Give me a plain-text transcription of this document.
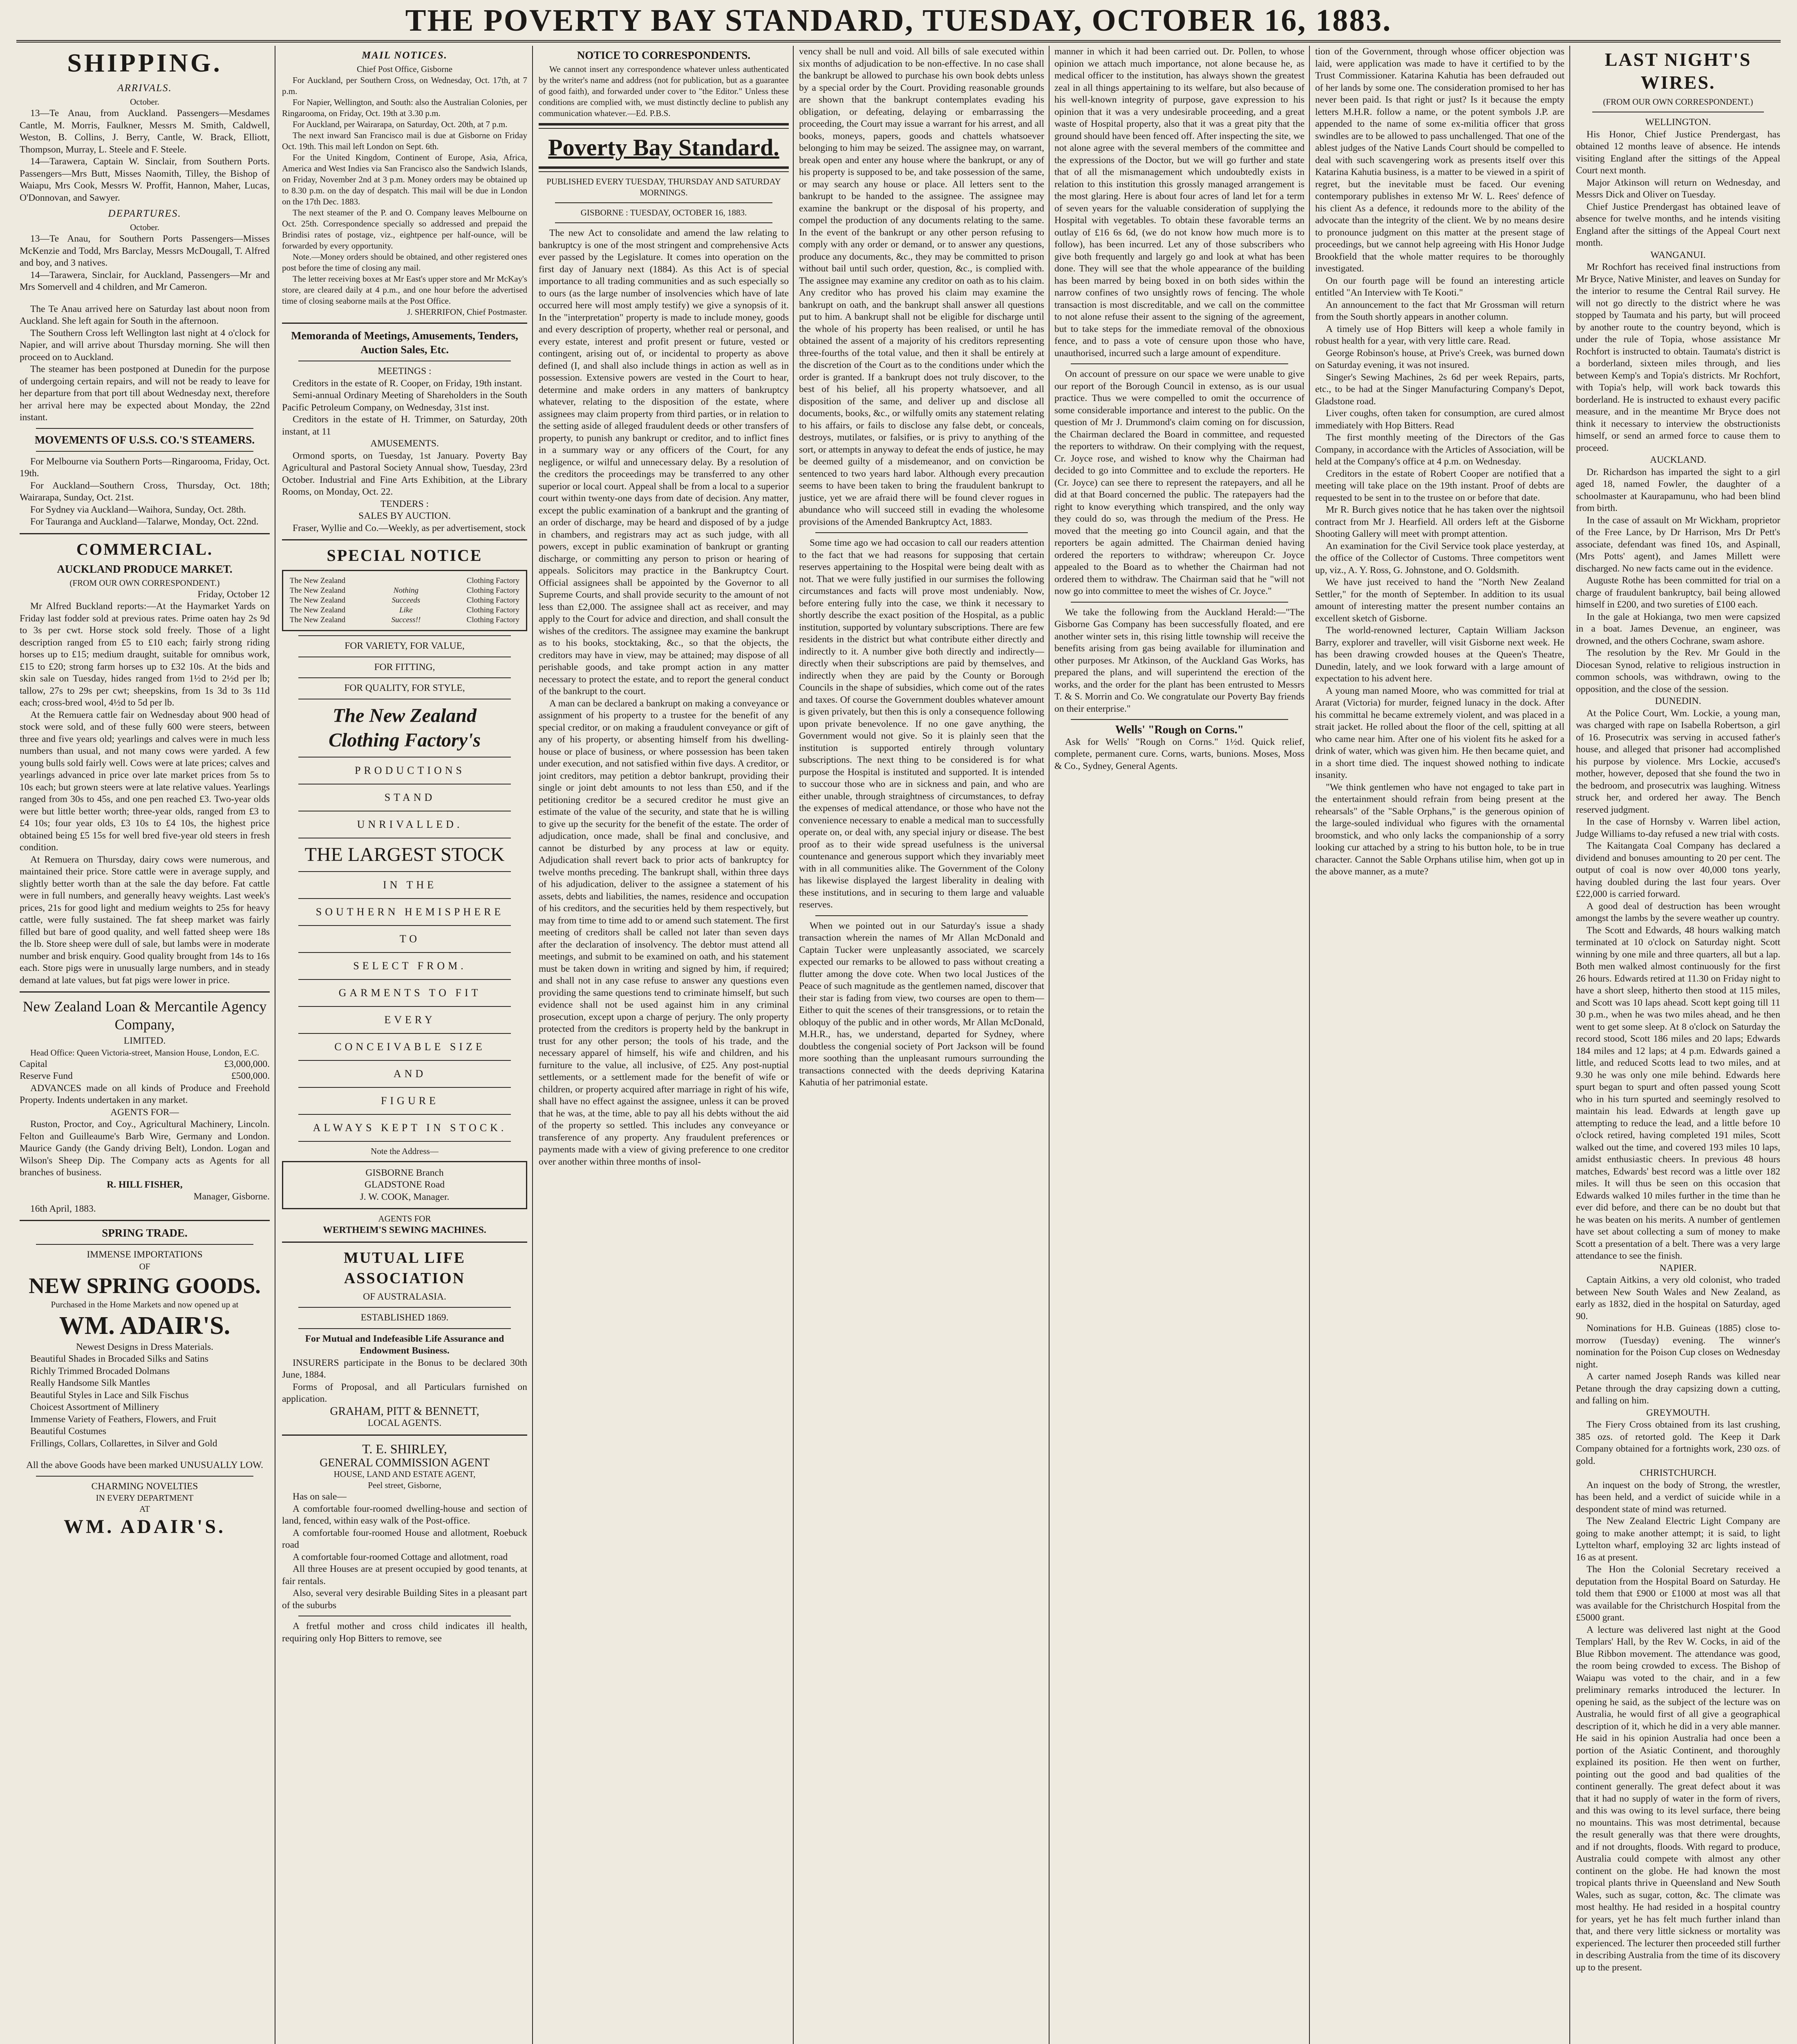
THE POVERTY BAY STANDARD, TUESDAY, OCTOBER 16, 1883.
SHIPPING.
ARRIVALS.

October.

13—Te Anau, from Auckland. Passengers—Mesdames Cantle, M. Morris, Faulkner, Messrs M. Smith, Caldwell, Weston, B. Collins, J. Berry, Cantle, W. Brack, Elliott, Thompson, Murray, L. Steele and F. Steele.

14—Tarawera, Captain W. Sinclair, from Southern Ports. Passengers—Mrs Butt, Misses Naomith, Tilley, the Bishop of Waiapu, Mrs Cook, Messrs W. Proffit, Hannon, Maher, Lucas, O'Donnovan, and Sawyer.

DEPARTURES.

October.

13—Te Anau, for Southern Ports Passengers—Misses McKenzie and Todd, Mrs Barclay, Messrs McDougall, T. Alfred and boy, and 3 natives.

14—Tarawera, Sinclair, for Auckland, Passengers—Mr and Mrs Somervell and 4 children, and Mr Cameron.

The Te Anau arrived here on Saturday last about noon from Auckland. She left again for South in the afternoon.

The Southern Cross left Wellington last night at 4 o'clock for Napier, and will arrive about Thursday morning. She will then proceed on to Auckland.

The steamer has been postponed at Dunedin for the purpose of undergoing certain repairs, and will not be ready to leave for her departure from that port till about Wednesday next, therefore her arrival here may be expected about Monday, the 22nd instant.

MOVEMENTS OF U.S.S. CO.'S STEAMERS.

For Melbourne via Southern Ports—Ringarooma, Friday, Oct. 19th.

For Auckland—Southern Cross, Thursday, Oct. 18th; Wairarapa, Sunday, Oct. 21st.

For Sydney via Auckland—Waihora, Sunday, Oct. 28th.

For Tauranga and Auckland—Talarwe, Monday, Oct. 22nd.

COMMERCIAL.
AUCKLAND PRODUCE MARKET.

(FROM OUR OWN CORRESPONDENT.)

Friday, October 12

Mr Alfred Buckland reports:—At the Haymarket Yards on Friday last fodder sold at previous rates. Prime oaten hay 2s 9d to 3s per cwt. Horse stock sold freely. Those of a light description ranged from £5 to £10 each; fairly strong riding horses up to £15; medium draught, suitable for omnibus work, £15 to £20; strong farm horses up to £32 10s. At the bids and skin sale on Tuesday, hides ranged from 1½d to 2½d per lb; tallow, 27s to 29s per cwt; sheepskins, from 1s 3d to 3s 11d each; cross-bred wool, 4½d to 5d per lb.

At the Remuera cattle fair on Wednesday about 900 head of stock were sold, and of these fully 600 were steers, between three and five years old; yearlings and calves were in much less numbers than usual, and not many cows were yarded. A few young bulls sold fairly well. Cows were at late prices; calves and yearlings advanced in price over late market prices from 5s to 10s each; but grown steers were at late relative values. Yearlings ranged from 30s to 45s, and one pen reached £3. Two-year olds were but little better worth; three-year olds, ranged from £3 to £4 10s; four year olds, £3 10s to £4 10s, the highest price obtained being £5 15s for well bred five-year old steers in fresh condition.

At Remuera on Thursday, dairy cows were numerous, and maintained their price. Store cattle were in average supply, and slightly better worth than at the sale the day before. Fat cattle were in full numbers, and generally heavy weights. Last week's prices, 21s for good light and medium weights to 25s for heavy cattle, were fully sustained. The fat sheep market was fairly filled but bare of good quality, and well fatted sheep were 18s the lb. Store sheep were dull of sale, but lambs were in moderate number and brisk enquiry. Good quality brought from 14s to 16s each. Store pigs were in unusually large numbers, and in steady demand at late values, but fat pigs were lower in price.

New Zealand Loan & Mercantile Agency Company,

LIMITED.

Head Office: Queen Victoria-street, Mansion House, London, E.C.

Capital	£3,000,000.
Reserve Fund	£500,000.

ADVANCES made on all kinds of Produce and Freehold Property. Indents undertaken in any market.

AGENTS FOR—

Ruston, Proctor, and Coy., Agricultural Machinery, Lincoln. Felton and Guilleaume's Barb Wire, Germany and London. Maurice Gandy (the Gandy driving Belt), London. Logan and Wilson's Sheep Dip. The Company acts as Agents for all branches of business.

R. HILL FISHER,

Manager, Gisborne.

16th April, 1883.

SPRING TRADE.

IMMENSE IMPORTATIONS

OF

NEW SPRING GOODS.

Purchased in the Home Markets and now opened up at

WM. ADAIR'S.

Newest Designs in Dress Materials.

Beautiful Shades in Brocaded Silks and Satins

Richly Trimmed Brocaded Dolmans

Really Handsome Silk Mantles

Beautiful Styles in Lace and Silk Fischus

Choicest Assortment of Millinery

Immense Variety of Feathers, Flowers, and Fruit

Beautiful Costumes

Frillings, Collars, Collarettes, in Silver and Gold

All the above Goods have been marked UNUSUALLY LOW.

CHARMING NOVELTIES

IN EVERY DEPARTMENT

AT

WM. ADAIR'S.
MAIL NOTICES.

Chief Post Office, Gisborne

For Auckland, per Southern Cross, on Wednesday, Oct. 17th, at 7 p.m.

For Napier, Wellington, and South: also the Australian Colonies, per Ringarooma, on Friday, Oct. 19th at 3.30 p.m.

For Auckland, per Wairarapa, on Saturday, Oct. 20th, at 7 p.m.

The next inward San Francisco mail is due at Gisborne on Friday Oct. 19th. This mail left London on Sept. 6th.

For the United Kingdom, Continent of Europe, Asia, Africa, America and West Indies via San Francisco also the Sandwich Islands, on Friday, November 2nd at 3 p.m. Money orders may be obtained up to 8.30 p.m. on the day of despatch. This mail will be due in London on the 17th Dec. 1883.

The next steamer of the P. and O. Company leaves Melbourne on Oct. 25th. Correspondence specially so addressed and prepaid the Brindisi rates of postage, viz., eightpence per half-ounce, will be forwarded by every opportunity.

Note.—Money orders should be obtained, and other registered ones post before the time of closing any mail.

The letter receiving boxes at Mr East's upper store and Mr McKay's store, are cleared daily at 4 p.m., and one hour before the advertised time of closing seaborne mails at the Post Office.

J. SHERRIFON, Chief Postmaster.

Memoranda of Meetings, Amusements, Tenders, Auction Sales, Etc.

MEETINGS :

Creditors in the estate of R. Cooper, on Friday, 19th instant.

Semi-annual Ordinary Meeting of Shareholders in the South Pacific Petroleum Company, on Wednesday, 31st inst.

Creditors in the estate of H. Trimmer, on Saturday, 20th instant, at 11

AMUSEMENTS.

Ormond sports, on Tuesday, 1st January. Poverty Bay Agricultural and Pastoral Society Annual show, Tuesday, 23rd October. Industrial and Fine Arts Exhibition, at the Library Rooms, on Monday, Oct. 22.

TENDERS :

SALES BY AUCTION.

Fraser, Wyllie and Co.—Weekly, as per advertisement, stock

SPECIAL NOTICE
The New Zealand	Clothing Factory
The New Zealand	Nothing	Clothing Factory
The New Zealand	Succeeds	Clothing Factory
The New Zealand	Like	Clothing Factory
The New Zealand	Success!!	Clothing Factory

FOR VARIETY, FOR VALUE,

FOR FITTING,

FOR QUALITY, FOR STYLE,

The New Zealand
Clothing Factory's

PRODUCTIONS

STAND

UNRIVALLED.

THE LARGEST STOCK

IN THE

SOUTHERN HEMISPHERE

TO

SELECT FROM.

GARMENTS TO FIT

EVERY

CONCEIVABLE SIZE

AND

FIGURE

ALWAYS KEPT IN STOCK.

Note the Address—

GISBORNE Branch

GLADSTONE Road

J. W. COOK, Manager.

AGENTS FOR

WERTHEIM'S SEWING MACHINES.

MUTUAL LIFE ASSOCIATION

OF AUSTRALASIA.

ESTABLISHED 1869.

For Mutual and Indefeasible Life Assurance and Endowment Business.

INSURERS participate in the Bonus to be declared 30th June, 1884.

Forms of Proposal, and all Particulars furnished on application.

GRAHAM, PITT & BENNETT,

LOCAL AGENTS.

T. E. SHIRLEY,

GENERAL COMMISSION AGENT

HOUSE, LAND AND ESTATE AGENT,

Peel street, Gisborne,

Has on sale—

A comfortable four-roomed dwelling-house and section of land, fenced, within easy walk of the Post-office.

A comfortable four-roomed House and allotment, Roebuck road

A comfortable four-roomed Cottage and allotment, road

All three Houses are at present occupied by good tenants, at fair rentals.

Also, several very desirable Building Sites in a pleasant part of the suburbs

A fretful mother and cross child indicates ill health, requiring only Hop Bitters to remove, see

NOTICE TO CORRESPONDENTS.

We cannot insert any correspondence whatever unless authenticated by the writer's name and address (not for publication, but as a guarantee of good faith), and forwarded under cover to "the Editor." Unless these conditions are complied with, we must distinctly decline to publish any communication whatever.—Ed. P.B.S.

Poverty Bay Standard.

PUBLISHED EVERY TUESDAY, THURSDAY AND SATURDAY MORNINGS.

GISBORNE : TUESDAY, OCTOBER 16, 1883.

The new Act to consolidate and amend the law relating to bankruptcy is one of the most stringent and comprehensive Acts ever passed by the Legislature. It comes into operation on the first day of January next (1884). As this Act is of special importance to all trading communities and as such especially so to ours (as the large number of insolvencies which have of late occurred here will most amply testify) we give a synopsis of it. In the "interpretation" property is made to include money, goods and every description of property, whether real or personal, and every estate, interest and profit present or future, vested or contingent, arising out of, or incidental to property as above defined (I, and shall also include things in action as well as in possession. Extensive powers are vested in the Court to hear, determine and make orders in any matters of bankruptcy whatever, relating to the disposition of the estate, where assignees may claim property from third parties, or in relation to the setting aside of alleged fraudulent deeds or other transfers of property, to punish any bankrupt or creditor, and to inflict fines in a summary way or any officers of the Court, for any negligence, or wilful and unnecessary delay. By a resolution of the creditors the proceedings may be transferred to any other superior or local court. Appeal shall be from a local to a superior court within twenty-one days from date of decision. Any matter, except the public examination of a bankrupt and the granting of an order of discharge, may be heard and disposed of by a judge in chambers, and registrars may act as such judge, with all powers, except in public examination of bankrupt or granting discharge, or committing any person to prison or hearing of appeals. Solicitors may practice in the Bankruptcy Court. Official assignees shall be appointed by the Governor to all Supreme Courts, and shall provide security to the amount of not less than £2,000. The assignee shall act as receiver, and may apply to the Court for advice and direction, and shall consult the wishes of the creditors. The assignee may examine the bankrupt as to his books, stocktaking, &c., so that the objects, the creditors may have in view, may be attained; may dispose of all perishable goods, and take prompt action in any matter necessary to protect the estate, and to report the general conduct of the bankrupt to the court.

A man can be declared a bankrupt on making a conveyance or assignment of his property to a trustee for the benefit of any special creditor, or on making a fraudulent conveyance or gift of any of his property, or absenting himself from his dwelling-house or place of business, or where possession has been taken under execution, and not satisfied within five days. A creditor, or joint creditors, may petition a debtor bankrupt, providing their single or joint debt amounts to not less than £50, and if the petitioning creditor be a secured creditor he must give an estimate of the value of the security, and state that he is willing to give up the security for the benefit of the estate. The order of adjudication, once made, shall be final and conclusive, and cannot be disturbed by any process at law or equity. Adjudication shall revert back to prior acts of bankruptcy for twelve months preceding. The bankrupt shall, within three days of his adjudication, deliver to the assignee a statement of his assets, debts and liabilities, the names, residence and occupation of his creditors, and the securities held by them respectively, but may from time to time add to or amend such statement. The first meeting of creditors shall be called not later than seven days after the declaration of insolvency. The debtor must attend all meetings, and submit to be examined on oath, and his statement must be taken down in writing and signed by him, if required; and shall not in any case refuse to answer any questions even providing the same questions tend to criminate himself, but such evidence shall not be used against him in any criminal prosecution, except upon a charge of perjury. The only property protected from the creditors is property held by the bankrupt in trust for any other person; the tools of his trade, and the necessary apparel of himself, his wife and children, and his furniture to the value, all inclusive, of £25. Any post-nuptial settlements, or a settlement made for the benefit of wife or children, or property acquired after marriage in right of his wife, shall have no effect against the assignee, unless it can be proved that he was, at the time, able to pay all his debts without the aid of the property so settled. This includes any conveyance or transference of any property. Any fraudulent preferences or payments made with a view of giving preference to one creditor over another within three months of insol-

vency shall be null and void. All bills of sale executed within six months of adjudication to be non-effective. In no case shall the bankrupt be allowed to purchase his own book debts unless by a special order by the Court. Providing reasonable grounds are shown that the bankrupt contemplates evading his obligation, or defeating, delaying or embarrassing the proceeding, the Court may issue a warrant for his arrest, and all books, moneys, papers, goods and chattels whatsoever belonging to him may be seized. The assignee may, on warrant, break open and enter any house where the bankrupt, or any of his property is supposed to be, and take possession of the same, or may search any house or place. All letters sent to the bankrupt to be handed to the assignee. The assignee may examine the bankrupt or the disposal of his property, and compel the production of any documents relating to the same. In the event of the bankrupt or any other person refusing to comply with any order or demand, or to answer any questions, produce any documents, &c., they may be committed to prison without bail until such order, question, &c., is complied with. The assignee may examine any creditor on oath as to his claim. Any creditor who has proved his claim may examine the bankrupt on oath, and the bankrupt shall answer all questions put to him. A bankrupt shall not be eligible for discharge until the whole of his property has been realised, or until he has obtained the assent of a majority of his creditors representing three-fourths of the total value, and then it shall be entirely at the discretion of the Court as to the conditions under which the order is granted. If a bankrupt does not truly discover, to the best of his belief, all his property whatsoever, and all disposition of the same, and deliver up and disclose all documents, books, &c., or wilfully omits any statement relating to his affairs, or fails to disclose any false debt, or conceals, destroys, mutilates, or falsifies, or is privy to anything of the sort, or attempts in anyway to defeat the ends of justice, he may be deemed guilty of a misdemeanor, and on conviction be sentenced to two years hard labor. Although every precaution seems to have been taken to bring the fraudulent bankrupt to justice, yet we are afraid there will be found clever rogues in abundance who will succeed still in evading the wholesome provisions of the Amended Bankruptcy Act, 1883.

Some time ago we had occasion to call our readers attention to the fact that we had reasons for supposing that certain reserves appertaining to the Hospital were being dealt with as not. That we were fully justified in our surmises the following circumstances and facts will prove most undeniably. Now, before entering fully into the case, we think it necessary to shortly describe the exact position of the Hospital, as a public institution, supported by voluntary subscriptions. There are few residents in the district but what contribute either directly and indirectly to it. A number give both directly and indirectly—directly when their subscriptions are paid by themselves, and indirectly when they are paid by the County or Borough Councils in the shape of subsidies, which come out of the rates and taxes. Of course the Government doubles whatever amount is given privately, but then this is only a consequence following upon private benevolence. If no one gave anything, the Government would not give. So it is plainly seen that the institution is supported entirely through voluntary subscriptions. The next thing to be considered is for what purpose the Hospital is instituted and supported. It is intended to succour those who are in sickness and pain, and who are either unable, through straightness of circumstances, to defray the expenses of medical attendance, or those who have not the convenience necessary to enable a medical man to successfully operate on, or deal with, any special injury or disease. The best proof as to their wide spread usefulness is the universal countenance and generous support which they invariably meet with in all communities alike. The Government of the Colony has likewise displayed the largest liberality in dealing with these institutions, and in securing to them large and valuable reserves.

When we pointed out in our Saturday's issue a shady transaction wherein the names of Mr Allan McDonald and Captain Tucker were unpleasantly associated, we scarcely expected our remarks to be allowed to pass without creating a flutter among the dove cote. When two local Justices of the Peace of such magnitude as the gentlemen named, discover that their star is fading from view, two courses are open to them—Either to quit the scenes of their transgressions, or to retain the obloquy of the public and in other words, Mr Allan McDonald, M.H.R., has, we understand, departed for Sydney, where doubtless the congenial society of Port Jackson will be found more soothing than the unpleasant rumours surrounding the transactions connected with the deeds depriving Katarina Kahutia of her patrimonial estate.

manner in which it had been carried out. Dr. Pollen, to whose opinion we attach much importance, not alone because he, as medical officer to the institution, has always shown the greatest zeal in all things appertaining to its welfare, but also because of his well-known integrity of purpose, gave expression to his opinion that it was a very undesirable proceeding, and a great waste of Hospital property, also that it was a great pity that the ground should have been fenced off. After inspecting the site, we not alone agree with the several members of the committee and the expressions of the Doctor, but we will go further and state that of all the mismanagement which undoubtedly exists in relation to this institution this grossly managed arrangement is the most glaring. Here is about four acres of land let for a term of seven years for the valuable consideration of supplying the Hospital with vegetables. To obtain these favorable terms an outlay of £16 6s 6d, (we do not know how much more is to follow), has been incurred. Let any of those subscribers who give both frequently and largely go and look at what has been done. They will see that the whole appearance of the building has been marred by being boxed in on both sides within the narrow confines of two unsightly rows of fencing. The whole transaction is most discreditable, and we call on the committee to not alone refuse their assent to the signing of the agreement, but to take steps for the immediate removal of the obnoxious fence, and to pass a vote of censure upon those who have, unauthorised, incurred such a large amount of expenditure.

On account of pressure on our space we were unable to give our report of the Borough Council in extenso, as is our usual practice. Thus we were compelled to omit the occurrence of some considerable importance and interest to the public. On the question of Mr J. Drummond's claim coming on for discussion, the Chairman declared the Board in committee, and requested the reporters to withdraw. On their complying with the request, Cr. Joyce rose, and wished to know why the Chairman had decided to go into Committee and to exclude the reporters. He (Cr. Joyce) can see there to represent the ratepayers, and all he did at that Board concerned the public. The ratepayers had the right to know everything which transpired, and the only way they could do so, was through the medium of the Press. He moved that the meeting go into Council again, and that the reporters be again admitted. The Chairman denied having ordered the reporters to withdraw; whereupon Cr. Joyce appealed to the Board as to whether the Chairman had not ordered them to withdraw. The Chairman said that he "will not now go into committee to meet the wishes of Cr. Joyce."

We take the following from the Auckland Herald:—"The Gisborne Gas Company has been successfully floated, and ere another winter sets in, this rising little township will receive the benefits arising from gas being available for illumination and other purposes. Mr Atkinson, of the Auckland Gas Works, has prepared the plans, and will superintend the erection of the works, and the order for the plant has been entrusted to Messrs T. & S. Morrin and Co. We congratulate our Poverty Bay friends on their enterprise."

Wells' "Rough on Corns."

Ask for Wells' "Rough on Corns." 1½d. Quick relief, complete, permanent cure. Corns, warts, bunions. Moses, Moss & Co., Sydney, General Agents.

tion of the Government, through whose officer objection was laid, were application was made to have it certified to by the Trust Commissioner. Katarina Kahutia has been defrauded out of her lands by some one. The consideration promised to her has never been paid. Is that right or just? Is it because the empty letters M.H.R. follow a name, or the potent symbols J.P. are appended to the name of some ex-militia officer that gross swindles are to be allowed to pass unchallenged. That one of the ablest judges of the Native Lands Court should be compelled to deal with such scavengering work as presents itself over this Katarina Kahutia business, is a matter to be viewed in a spirit of regret, but the inevitable must be faced. Our evening contemporary publishes in extenso Mr W. L. Rees' defence of his client As a defence, it redounds more to the ability of the advocate than the integrity of the client. We by no means desire to pronounce judgment on this matter at the present stage of proceedings, but we cannot help agreeing with His Honor Judge Brookfield that the whole matter requires to be thoroughly investigated.

On our fourth page will be found an interesting article entitled "An Interview with Te Kooti."

An announcement to the fact that Mr Grossman will return from the South shortly appears in another column.

A timely use of Hop Bitters will keep a whole family in robust health for a year, with very little care. Read.

George Robinson's house, at Prive's Creek, was burned down on Saturday evening, it was not insured.

Singer's Sewing Machines, 2s 6d per week Repairs, parts, etc., to be had at the Singer Manufacturing Company's Depot, Gladstone road.

Liver coughs, often taken for consumption, are cured almost immediately with Hop Bitters. Read

The first monthly meeting of the Directors of the Gas Company, in accordance with the Articles of Association, will be held at the Company's office at 4 p.m. on Wednesday.

Creditors in the estate of Robert Cooper are notified that a meeting will take place on the 19th instant. Proof of debts are requested to be sent in to the trustee on or before that date.

Mr R. Burch gives notice that he has taken over the nightsoil contract from Mr J. Hearfield. All orders left at the Gisborne Shooting Gallery will meet with prompt attention.

An examination for the Civil Service took place yesterday, at the office of the Collector of Customs. Three competitors went up, viz., A. Y. Ross, G. Johnstone, and O. Goldsmith.

We have just received to hand the "North New Zealand Settler," for the month of September. In addition to its usual amount of interesting matter the present number contains an excellent sketch of Gisborne.

The world-renowned lecturer, Captain William Jackson Barry, explorer and traveller, will visit Gisborne next week. He has been drawing crowded houses at the Queen's Theatre, Dunedin, lately, and we look forward with a large amount of expectation to his advent here.

A young man named Moore, who was committed for trial at Ararat (Victoria) for murder, feigned lunacy in the dock. After his committal he became extremely violent, and was placed in a strait jacket. He rolled about the floor of the cell, spitting at all who came near him. After one of his violent fits he asked for a drink of water, which was given him. He then became quiet, and in a short time died. The inquest showed nothing to indicate insanity.

"We think gentlemen who have not engaged to take part in the entertainment should refrain from being present at the rehearsals" of the "Sable Orphans," is the generous opinion of the large-souled individual who figures with the ornamental broomstick, and who only lacks the companionship of a sorry looking cur attached by a string to his button hole, to be in true character. Cannot the Sable Orphans utilise him, when got up in the above manner, as a mute?

LAST NIGHT'S WIRES.

(FROM OUR OWN CORRESPONDENT.)

WELLINGTON.

His Honor, Chief Justice Prendergast, has obtained 12 months leave of absence. He intends visiting England after the sittings of the Appeal Court next month.

Major Atkinson will return on Wednesday, and Messrs Dick and Oliver on Tuesday.

Chief Justice Prendergast has obtained leave of absence for twelve months, and he intends visiting England after the sittings of the Appeal Court next month.

WANGANUI.

Mr Rochfort has received final instructions from Mr Bryce, Native Minister, and leaves on Sunday for the interior to resume the Central Rail survey. He will not go directly to the district where he was stopped by Taumata and his party, but will proceed by another route to the country beyond, which is under the rule of Topia, whose assistance Mr Rochfort is instructed to obtain. Taumata's district is a borderland, sixteen miles through, and lies between Kemp's and Topia's districts. Mr Rochfort, with Topia's help, will work back towards this borderland. He is instructed to exhaust every pacific measure, and in the meantime Mr Bryce does not think it necessary to interview the obstructionists himself, or send an armed force to cause them to proceed.

AUCKLAND.

Dr. Richardson has imparted the sight to a girl aged 18, named Fowler, the daughter of a schoolmaster at Kaurapamunu, who had been blind from birth.

In the case of assault on Mr Wickham, proprietor of the Free Lance, by Dr Harrison, Mrs Dr Pett's associate, defendant was fined 10s, and Aspinall, (Mrs Potts' agent), and James Millett were discharged. No new facts came out in the evidence.

Auguste Rothe has been committed for trial on a charge of fraudulent bankruptcy, bail being allowed himself in £200, and two sureties of £100 each.

In the gale at Hokianga, two men were capsized in a boat. James Devenue, an engineer, was drowned, and the others Cochrane, swam ashore.

The resolution by the Rev. Mr Gould in the Diocesan Synod, relative to religious instruction in common schools, was withdrawn, owing to the opposition, and the close of the session.

DUNEDIN.

At the Police Court, Wm. Lockie, a young man, was charged with rape on Isabella Robertson, a girl of 16. Prosecutrix was serving in accused father's house, and alleged that prisoner had accomplished his purpose by violence. Mrs Lockie, accused's mother, however, deposed that she found the two in the bedroom, and prosecutrix was laughing. Witness struck her, and ordered her away. The Bench reserved judgment.

In the case of Hornsby v. Warren libel action, Judge Williams to-day refused a new trial with costs.

The Kaitangata Coal Company has declared a dividend and bonuses amounting to 20 per cent. The output of coal is now over 40,000 tons yearly, having doubled during the last four years. Over £22,000 is carried forward.

A good deal of destruction has been wrought amongst the lambs by the severe weather up country.

The Scott and Edwards, 48 hours walking match terminated at 10 o'clock on Saturday night. Scott winning by one mile and three quarters, all but a lap. Both men walked almost continuously for the first 26 hours. Edwards retired at 11.30 on Friday night to have a short sleep, hitherto then stood at 115 miles, and Scott was 10 laps ahead. Scott kept going till 11 30 p.m., when he was two miles ahead, and he then went to get some sleep. At 8 o'clock on Saturday the record stood, Scott 186 miles and 20 laps; Edwards 184 miles and 12 laps; at 4 p.m. Edwards gained a little, and reduced Scotts lead to two miles, and at 9.30 he was only one mile behind. Edwards here spurt began to spurt and often passed young Scott who in his turn spurted and seemingly resolved to maintain his lead. Edwards at length gave up attempting to reduce the lead, and a little before 10 o'clock retired, having completed 191 miles, Scott walked out the time, and covered 193 miles 10 laps, amidst enthusiastic cheers. In previous 48 hours matches, Edwards' best record was a little over 182 miles. It will thus be seen on this occasion that Edwards walked 10 miles further in the time than he ever did before, and there can be no doubt but that he was beaten on his merits. A number of gentlemen have set about collecting a sum of money to make Scott a presentation of a belt. There was a very large attendance to see the finish.

NAPIER.

Captain Aitkins, a very old colonist, who traded between New South Wales and New Zealand, as early as 1832, died in the hospital on Saturday, aged 90.

Nominations for H.B. Guineas (1885) close to-morrow (Tuesday) evening. The winner's nomination for the Poison Cup closes on Wednesday night.

A carter named Joseph Rands was killed near Petane through the dray capsizing down a cutting, and falling on him.

GREYMOUTH.

The Fiery Cross obtained from its last crushing, 385 ozs. of retorted gold. The Keep it Dark Company obtained for a fortnights work, 230 ozs. of gold.

CHRISTCHURCH.

An inquest on the body of Strong, the wrestler, has been held, and a verdict of suicide while in a despondent state of mind was returned.

The New Zealand Electric Light Company are going to make another attempt; it is said, to light Lyttelton wharf, employing 32 arc lights instead of 16 as at present.

The Hon the Colonial Secretary received a deputation from the Hospital Board on Saturday. He told them that £900 or £1000 at most was all that was available for the Christchurch Hospital from the £5000 grant.

A lecture was delivered last night at the Good Templars' Hall, by the Rev W. Cocks, in aid of the Blue Ribbon movement. The attendance was good, the room being crowded to excess. The Bishop of Waiapu was voted to the chair, and in a few preliminary remarks introduced the lecturer. In opening he said, as the subject of the lecture was on Australia, he would first of all give a geographical description of it, which he did in a very able manner. He said in his opinion Australia had once been a portion of the Asiatic Continent, and thoroughly explained its position. He then went on further, pointing out the good and bad qualities of the continent generally. The great defect about it was that it had no supply of water in the form of rivers, and this was owing to its level surface, there being no mountains. This was most detrimental, because the result generally was that there were droughts, and if not droughts, floods. With regard to produce, Australia could compete with almost any other continent on the globe. He had known the most tropical plants thrive in Queensland and New South Wales, such as sugar, cotton, &c. The climate was most healthy. He had resided in a hospital country for years, yet he has felt much further inland than that, and there very little sickness or mortality was experienced. The lecturer then proceeded still further in describing Australia from the time of its discovery up to the present.
